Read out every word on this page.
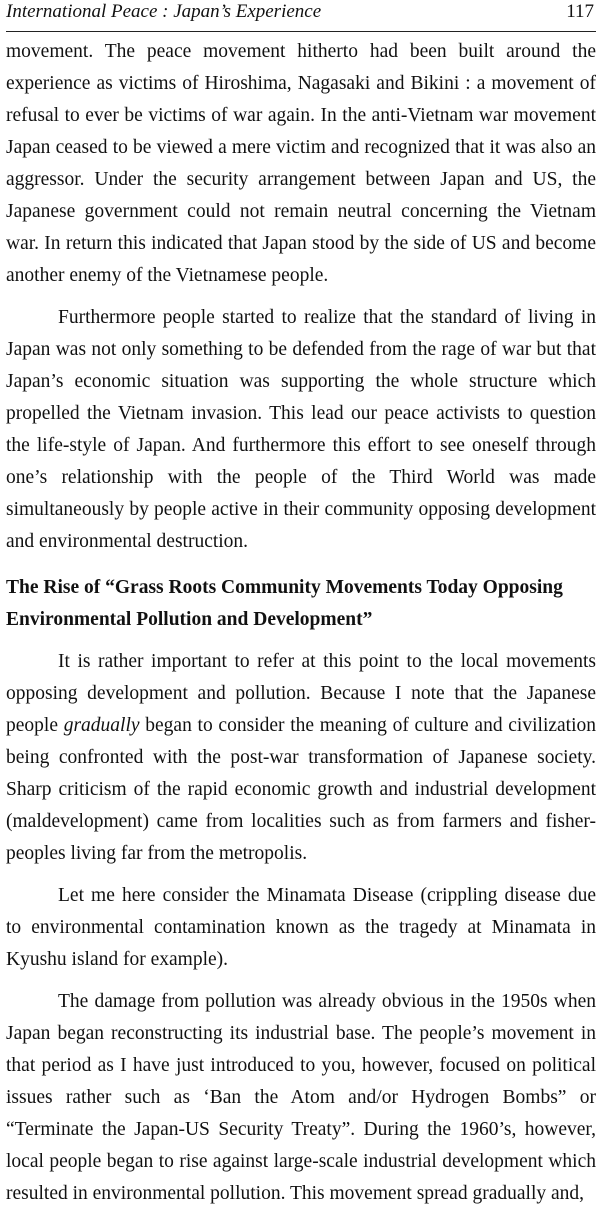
International Peace : Japan’s Experience	117

movement. The peace movement hitherto had been built around the experience as victims of Hiroshima, Nagasaki and Bikini : a movement of refusal to ever be victims of war again. In the anti-Vietnam war movement Japan ceased to be viewed a mere victim and recognized that it was also an aggressor. Under the security arrangement between Japan and US, the Japanese government could not remain neutral concerning the Vietnam war. In return this indicated that Japan stood by the side of US and become another enemy of the Vietnamese people.

Furthermore people started to realize that the standard of living in Japan was not only something to be defended from the rage of war but that Japan’s economic situation was supporting the whole structure which propelled the Vietnam invasion. This lead our peace activists to question the life-style of Japan. And furthermore this effort to see oneself through one’s relationship with the people of the Third World was made simultaneously by people active in their community opposing development and environmental destruction.

The Rise of “Grass Roots Community Movements Today Opposing Environmental Pollution and Development”

It is rather important to refer at this point to the local movements opposing development and pollution. Because I note that the Japanese people gradually began to consider the meaning of culture and civilization being confronted with the post-war transformation of Japanese society. Sharp criticism of the rapid economic growth and industrial development (maldevelopment) came from localities such as from farmers and fisher-peoples living far from the metropolis.

Let me here consider the Minamata Disease (crippling disease due to environmental contamination known as the tragedy at Minamata in Kyushu island for example).

The damage from pollution was already obvious in the 1950s when Japan began reconstructing its industrial base. The people’s movement in that period as I have just introduced to you, however, focused on political issues rather such as ‘Ban the Atom and/or Hydrogen Bombs” or “Terminate the Japan-US Security Treaty”. During the 1960’s, however, local people began to rise against large-scale industrial development which resulted in environmental pollution. This movement spread gradually and,
